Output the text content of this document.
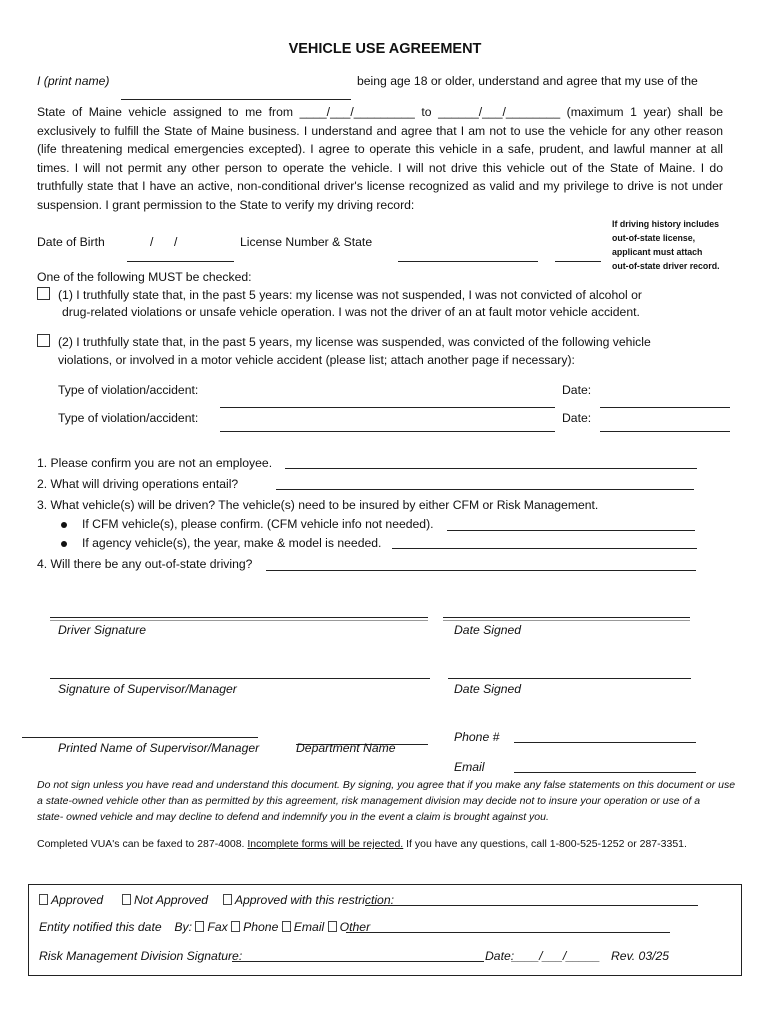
VEHICLE USE AGREEMENT
I (print name)	being age 18 or older, understand and agree that my use of the
State of Maine vehicle assigned to me from ____/___/_________ to ______/___/________ (maximum 1 year) shall be exclusively to fulfill the State of Maine business. I understand and agree that I am not to use the vehicle for any other reason (life threatening medical emergencies excepted). I agree to operate this vehicle in a safe, prudent, and lawful manner at all times. I will not permit any other person to operate the vehicle. I will not drive this vehicle out of the State of Maine. I do truthfully state that I have an active, non-conditional driver's license recognized as valid and my privilege to drive is not under suspension. I grant permission to the State to verify my driving record:
Date of Birth	/ /	License Number & State
If driving history includes
out-of-state license,
applicant must attach
out-of-state driver record.
One of the following MUST be checked:
(1) I truthfully state that, in the past 5 years: my license was not suspended, I was not convicted of alcohol or
drug-related violations or unsafe vehicle operation. I was not the driver of an at fault motor vehicle accident.
(2) I truthfully state that, in the past 5 years, my license was suspended, was convicted of the following vehicle
violations, or involved in a motor vehicle accident (please list; attach another page if necessary):
Type of violation/accident:	Date:
Type of violation/accident:	Date:
1. Please confirm you are not an employee.
2. What will driving operations entail?
3. What vehicle(s) will be driven? The vehicle(s) need to be insured by either CFM or Risk Management.
If CFM vehicle(s), please confirm. (CFM vehicle info not needed).
If agency vehicle(s), the year, make & model is needed.
4. Will there be any out-of-state driving?
Driver Signature	Date Signed
Signature of Supervisor/Manager	Date Signed
Printed Name of Supervisor/Manager	Department Name
Phone #
Email
Do not sign unless you have read and understand this document. By signing, you agree that if you make any false statements on this document or use
a state-owned vehicle other than as permitted by this agreement, risk management division may decide not to insure your operation or use of a
state- owned vehicle and may decline to defend and indemnify you in the event a claim is brought against you.
Completed VUA's can be faxed to 287-4008. Incomplete forms will be rejected. If you have any questions, call 1-800-525-1252 or 287-3351.
Approved	Not Approved Approved with this restriction:
Entity notified this date By: Fax Phone Email Other
Risk Management Division Signature:	Date:
____/___/_____ Rev. 03/25
